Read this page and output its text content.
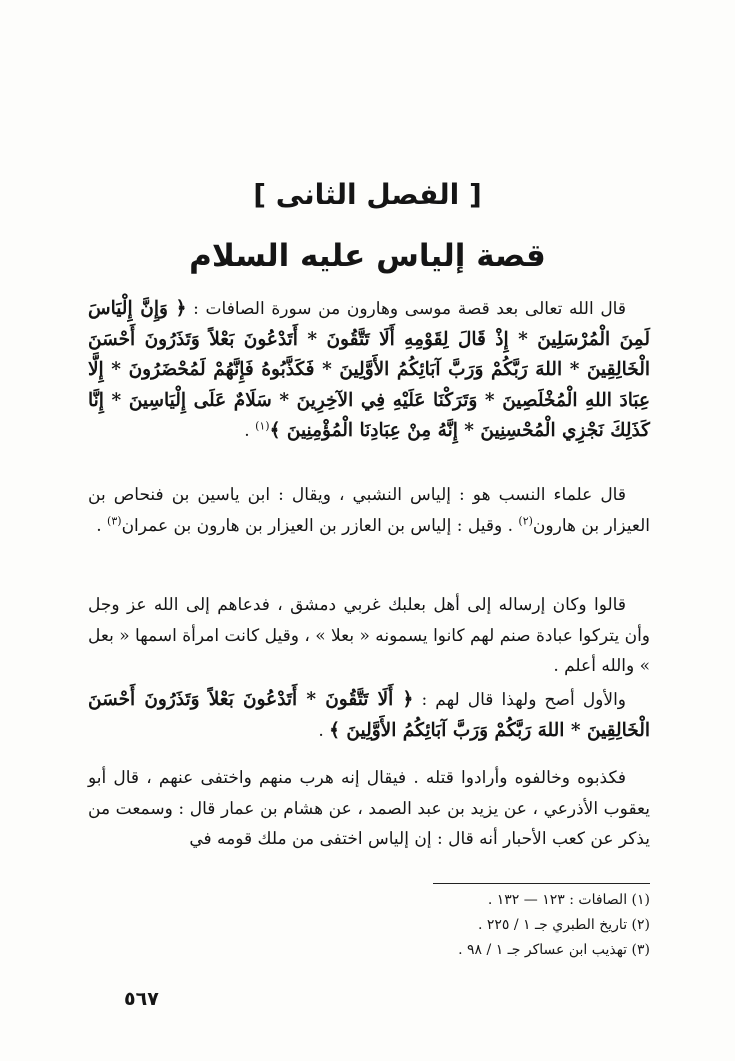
[ الفصل الثانى ]
قصة إلياس عليه السلام

قال الله تعالى بعد قصة موسى وهارون من سورة الصافات : ﴿ وَإِنَّ إِلْيَاسَ لَمِنَ الْمُرْسَلِينَ * إِذْ قَالَ لِقَوْمِهِ أَلَا تَتَّقُونَ * أَتَدْعُونَ بَعْلاً وَتَذَرُونَ أَحْسَنَ الْخَالِقِينَ * اللهَ رَبَّكُمْ وَرَبَّ آبَائِكُمُ الأَوَّلِينَ * فَكَذَّبُوهُ فَإِنَّهُمْ لَمُحْضَرُونَ * إِلَّا عِبَادَ اللهِ الْمُخْلَصِينَ * وَتَرَكْنَا عَلَيْهِ فِي الآخِرِينَ * سَلَامٌ عَلَى إِلْيَاسِينَ * إِنَّا كَذَلِكَ نَجْزِي الْمُحْسِنِينَ * إِنَّهُ مِنْ عِبَادِنَا الْمُؤْمِنِينَ ﴾$^{(١)}$ .

قال علماء النسب هو : إلياس النشبي ، ويقال : ابن ياسين بن فنحاص بن العيزار بن هارون$^{(٢)}$ . وقيل : إلياس بن العازر بن العيزار بن هارون بن عمران$^{(٣)}$ .

قالوا وكان إرساله إلى أهل بعلبك غربي دمشق ، فدعاهم إلى الله عز وجل وأن يتركوا عبادة صنم لهم كانوا يسمونه « بعلا » ، وقيل كانت امرأة اسمها « بعل » والله أعلم .

والأول أصح ولهذا قال لهم : ﴿ أَلَا تَتَّقُونَ * أَتَدْعُونَ بَعْلاً وَتَذَرُونَ أَحْسَنَ الْخَالِقِينَ * اللهَ رَبَّكُمْ وَرَبَّ آبَائِكُمُ الأَوَّلِينَ ﴾ .

فكذبوه وخالفوه وأرادوا قتله . فيقال إنه هرب منهم واختفى عنهم ، قال أبو يعقوب الأذرعي ، عن يزيد بن عبد الصمد ، عن هشام بن عمار قال : وسمعت من يذكر عن كعب الأحبار أنه قال : إن إلياس اختفى من ملك قومه في

(١) الصافات : ١٢٣ — ١٣٢ .
(٢) تاريخ الطبري جـ ١ / ٢٢٥ .
(٣) تهذيب ابن عساكر جـ ١ / ٩٨ .
٥٦٧
